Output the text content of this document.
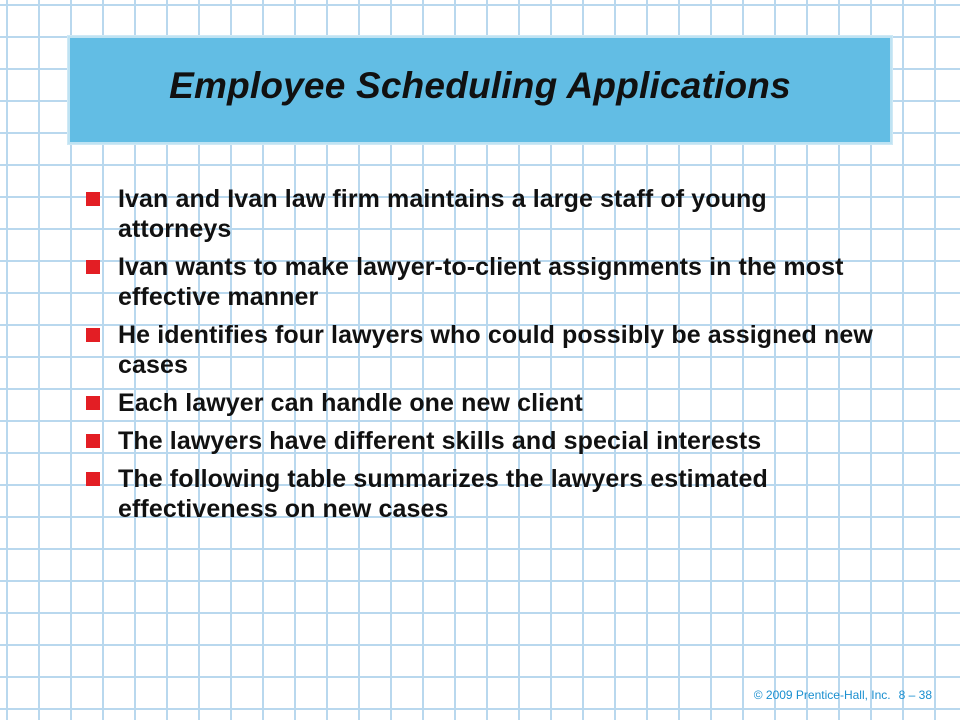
Employee Scheduling Applications
Ivan and Ivan law firm maintains a large staff of young attorneys
Ivan wants to make lawyer-to-client assignments in the most effective manner
He identifies four lawyers who could possibly be assigned new cases
Each lawyer can handle one new client
The lawyers have different skills and special interests
The following table summarizes the lawyers estimated effectiveness on new cases
© 2009 Prentice-Hall, Inc. 8 – 38
